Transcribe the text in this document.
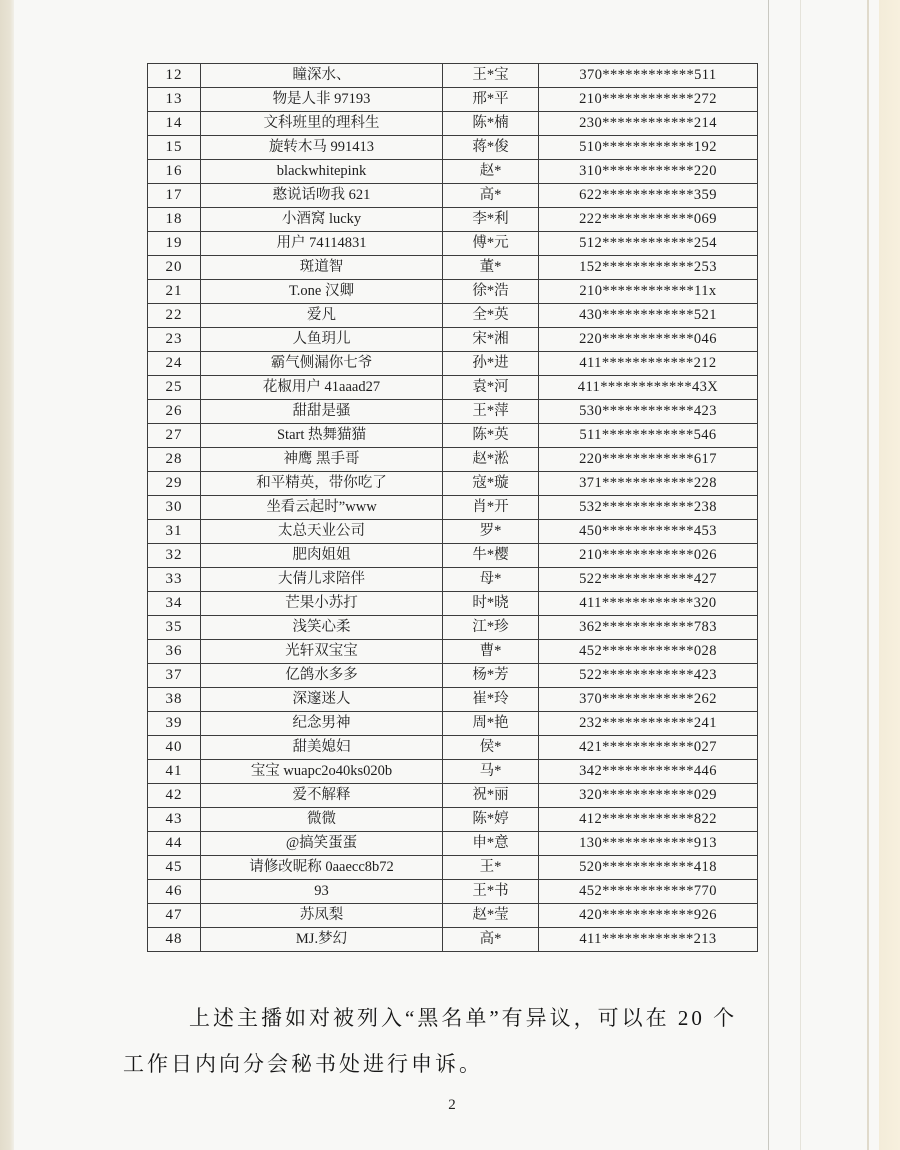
12	瞳深水、	王*宝	370************511
13	物是人非 97193	邢*平	210************272
14	文科班里的理科生	陈*楠	230************214
15	旋转木马 991413	蒋*俊	510************192
16	blackwhitepink	赵*	310************220
17	憨说话吻我 621	高*	622************359
18	小酒窝 lucky	李*利	222************069
19	用户 74114831	傅*元	512************254
20	斑道智	董*	152************253
21	T.one 汉卿	徐*浩	210************11x
22	爱凡	全*英	430************521
23	人鱼玥儿	宋*湘	220************046
24	霸气侧漏你七爷	孙*进	411************212
25	花椒用户 41aaad27	袁*河	411************43X
26	甜甜是骚	王*萍	530************423
27	Start 热舞猫猫	陈*英	511************546
28	神鹰 黑手哥	赵*淞	220************617
29	和平精英，带你吃了	寇*璇	371************228
30	坐看云起时”www	肖*开	532************238
31	太总天业公司	罗*	450************453
32	肥肉姐姐	牛*樱	210************026
33	大倩儿求陪伴	母*	522************427
34	芒果小苏打	时*晓	411************320
35	浅笑心柔	江*珍	362************783
36	光轩双宝宝	曹*	452************028
37	亿鸽水多多	杨*芳	522************423
38	深邃迷人	崔*玲	370************262
39	纪念男神	周*艳	232************241
40	甜美媳妇	侯*	421************027
41	宝宝 wuapc2o40ks020b	马*	342************446
42	爱不解释	祝*丽	320************029
43	微微	陈*婷	412************822
44	@搞笑蛋蛋	申*意	130************913
45	请修改昵称 0aaecc8b72	王*	520************418
46	93	王*书	452************770
47	苏凤梨	赵*莹	420************926
48	MJ.梦幻	高*	411************213
上述主播如对被列入“黑名单”有异议，可以在 20 个
工作日内向分会秘书处进行申诉。
2
